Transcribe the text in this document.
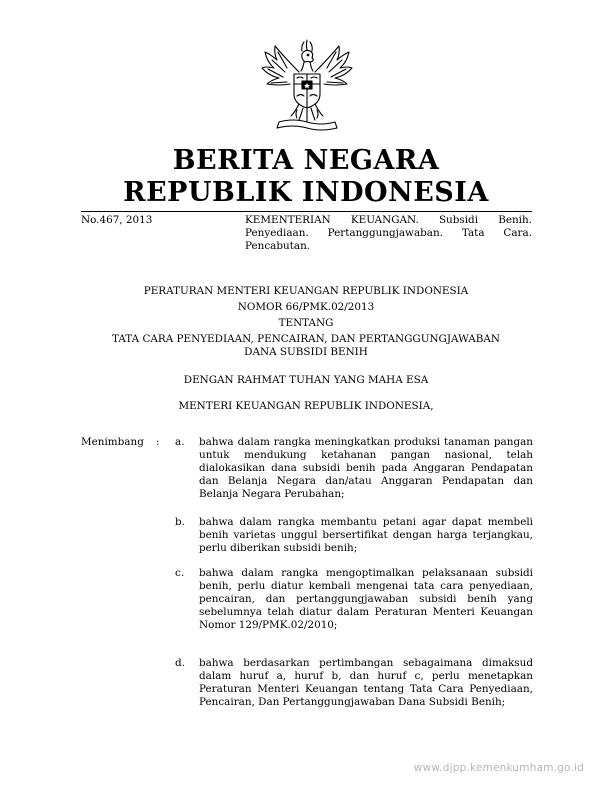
BERITA NEGARA
REPUBLIK INDONESIA
No.467, 2013	KEMENTERIAN KEUANGAN. Subsidi Benih. Penyediaan. Pertanggungjawaban. Tata Cara. Pencabutan.
PERATURAN MENTERI KEUANGAN REPUBLIK INDONESIA
NOMOR 66/PMK.02/2013
TENTANG
TATA CARA PENYEDIAAN, PENCAIRAN, DAN PERTANGGUNGJAWABAN
DANA SUBSIDI BENIH
DENGAN RAHMAT TUHAN YANG MAHA ESA
MENTERI KEUANGAN REPUBLIK INDONESIA,
Menimbang : a. bahwa dalam rangka meningkatkan produksi tanaman pangan untuk mendukung ketahanan pangan nasional, telah dialokasikan dana subsidi benih pada Anggaran Pendapatan dan Belanja Negara dan/atau Anggaran Pendapatan dan Belanja Negara Perubahan;
b. bahwa dalam rangka membantu petani agar dapat membeli benih varietas unggul bersertifikat dengan harga terjangkau, perlu diberikan subsidi benih;
c. bahwa dalam rangka mengoptimalkan pelaksanaan subsidi benih, perlu diatur kembali mengenai tata cara penyediaan, pencairan, dan pertanggungjawaban subsidi benih yang sebelumnya telah diatur dalam Peraturan Menteri Keuangan Nomor 129/PMK.02/2010;
d. bahwa berdasarkan pertimbangan sebagaimana dimaksud dalam huruf a, huruf b, dan huruf c, perlu menetapkan Peraturan Menteri Keuangan tentang Tata Cara Penyediaan, Pencairan, Dan Pertanggungjawaban Dana Subsidi Benih;
www.djpp.kemenkumham.go.id
